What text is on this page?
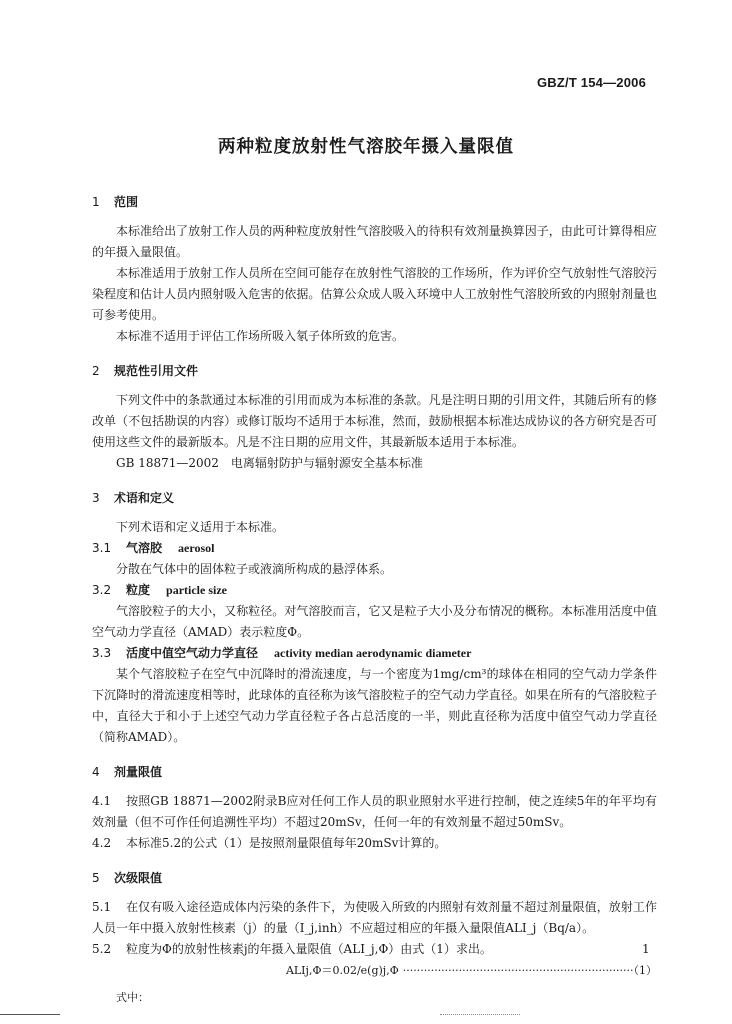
GBZ/T 154—2006
两种粒度放射性气溶胶年摄入量限值
1 范围
本标准给出了放射工作人员的两种粒度放射性气溶胶吸入的待积有效剂量换算因子，由此可计算得相应的年摄入量限值。
本标准适用于放射工作人员所在空间可能存在放射性气溶胶的工作场所，作为评价空气放射性气溶胶污染程度和估计人员内照射吸入危害的依据。估算公众成人吸入环境中人工放射性气溶胶所致的内照射剂量也可参考使用。
本标准不适用于评估工作场所吸入氡子体所致的危害。
2 规范性引用文件
下列文件中的条款通过本标准的引用而成为本标准的条款。凡是注明日期的引用文件，其随后所有的修改单（不包括勘误的内容）或修订版均不适用于本标准，然而，鼓励根据本标准达成协议的各方研究是否可使用这些文件的最新版本。凡是不注日期的应用文件，其最新版本适用于本标准。
GB 18871—2002　电离辐射防护与辐射源安全基本标准
3 术语和定义
下列术语和定义适用于本标准。
3.1 气溶胶 aerosol
分散在气体中的固体粒子或液滴所构成的悬浮体系。
3.2 粒度 particle size
气溶胶粒子的大小，又称粒径。对气溶胶而言，它又是粒子大小及分布情况的概称。本标准用活度中值空气动力学直径（AMAD）表示粒度Φ。
3.3 活度中值空气动力学直径 activity median aerodynamic diameter
某个气溶胶粒子在空气中沉降时的滑流速度，与一个密度为1mg/cm³的球体在相同的空气动力学条件下沉降时的滑流速度相等时，此球体的直径称为该气溶胶粒子的空气动力学直径。如果在所有的气溶胶粒子中，直径大于和小于上述空气动力学直径粒子各占总活度的一半，则此直径称为活度中值空气动力学直径（简称AMAD）。
4 剂量限值
4.1 按照GB 18871—2002附录B应对任何工作人员的职业照射水平进行控制，使之连续5年的年平均有效剂量（但不可作任何追溯性平均）不超过20mSv，任何一年的有效剂量不超过50mSv。
4.2 本标准5.2的公式（1）是按照剂量限值每年20mSv计算的。
5 次级限值
5.1 在仅有吸入途径造成体内污染的条件下，为使吸入所致的内照射有效剂量不超过剂量限值，放射工作人员一年中摄入放射性核素（j）的量（I_j,inh）不应超过相应的年摄入量限值ALI_j（Bq/a）。
5.2 粒度为Φ的放射性核素j的年摄入量限值（ALI_j,Φ）由式（1）求出。
ALIj,Φ＝0.02/e(g)j,Φ ··································································（1）
式中：
1
